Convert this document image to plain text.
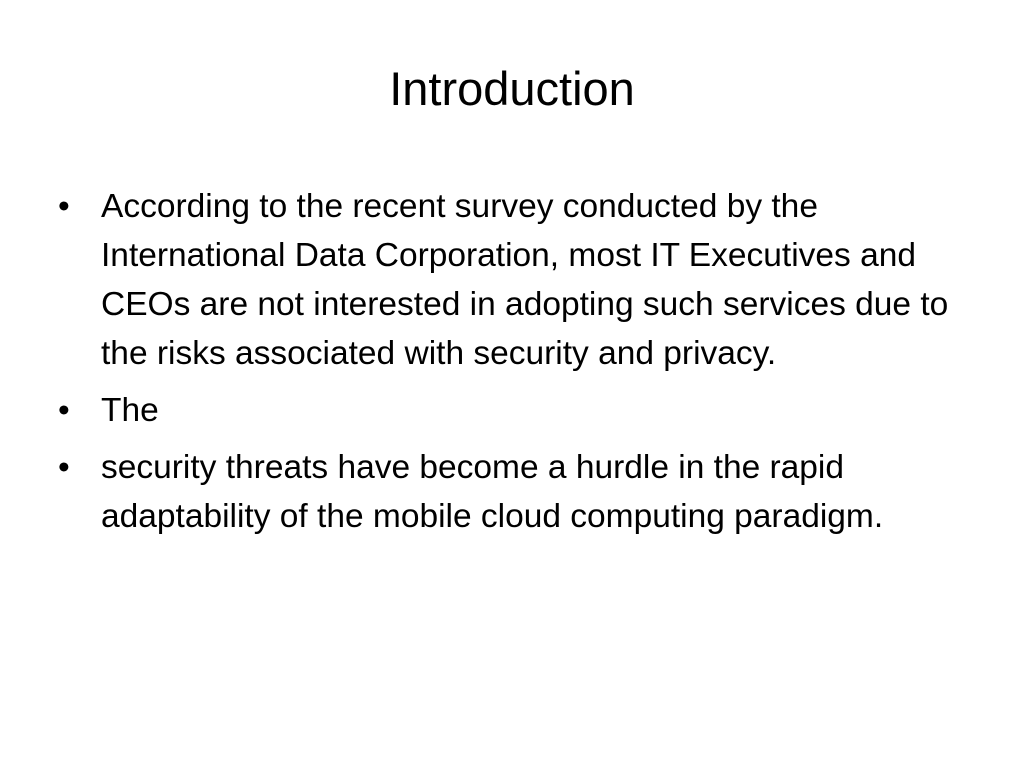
Introduction
• According to the recent survey conducted by the International Data Corporation, most IT Executives and CEOs are not interested in adopting such services due to the risks associated with security and privacy.
• The
• security threats have become a hurdle in the rapid adaptability of the mobile cloud computing paradigm.
